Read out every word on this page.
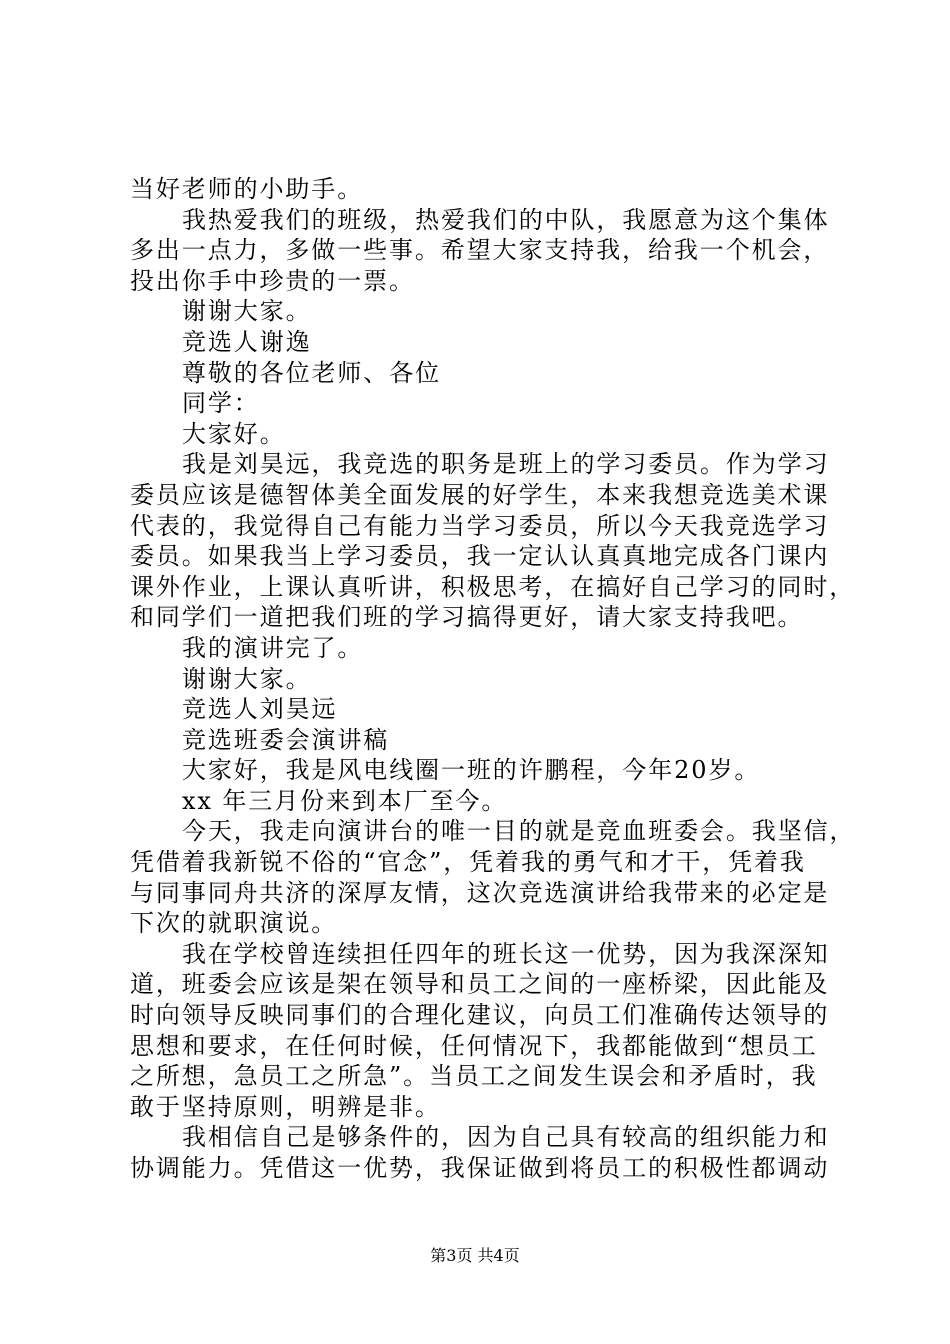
当好老师的小助手。
我热爱我们的班级，热爱我们的中队，我愿意为这个集体
多出一点力，多做一些事。希望大家支持我，给我一个机会，
投出你手中珍贵的一票。
谢谢大家。
竞选人谢逸
尊敬的各位老师、各位
同学：
大家好。
我是刘昊远，我竞选的职务是班上的学习委员。作为学习
委员应该是德智体美全面发展的好学生，本来我想竞选美术课
代表的，我觉得自己有能力当学习委员，所以今天我竞选学习
委员。如果我当上学习委员，我一定认认真真地完成各门课内
课外作业，上课认真听讲，积极思考，在搞好自己学习的同时，
和同学们一道把我们班的学习搞得更好，请大家支持我吧。
我的演讲完了。
谢谢大家。
竞选人刘昊远
竞选班委会演讲稿
大家好，我是风电线圈一班的许鹏程，今年20岁。
xx 年三月份来到本厂至今。
今天，我走向演讲台的唯一目的就是竞血班委会。我坚信，
凭借着我新锐不俗的“官念”，凭着我的勇气和才干，凭着我
与同事同舟共济的深厚友情，这次竞选演讲给我带来的必定是
下次的就职演说。
我在学校曾连续担任四年的班长这一优势，因为我深深知
道，班委会应该是架在领导和员工之间的一座桥梁，因此能及
时向领导反映同事们的合理化建议，向员工们准确传达领导的
思想和要求，在任何时候，任何情况下，我都能做到“想员工
之所想，急员工之所急”。当员工之间发生误会和矛盾时，我
敢于坚持原则，明辨是非。
我相信自己是够条件的，因为自己具有较高的组织能力和
协调能力。凭借这一优势，我保证做到将员工的积极性都调动
第3页 共4页
